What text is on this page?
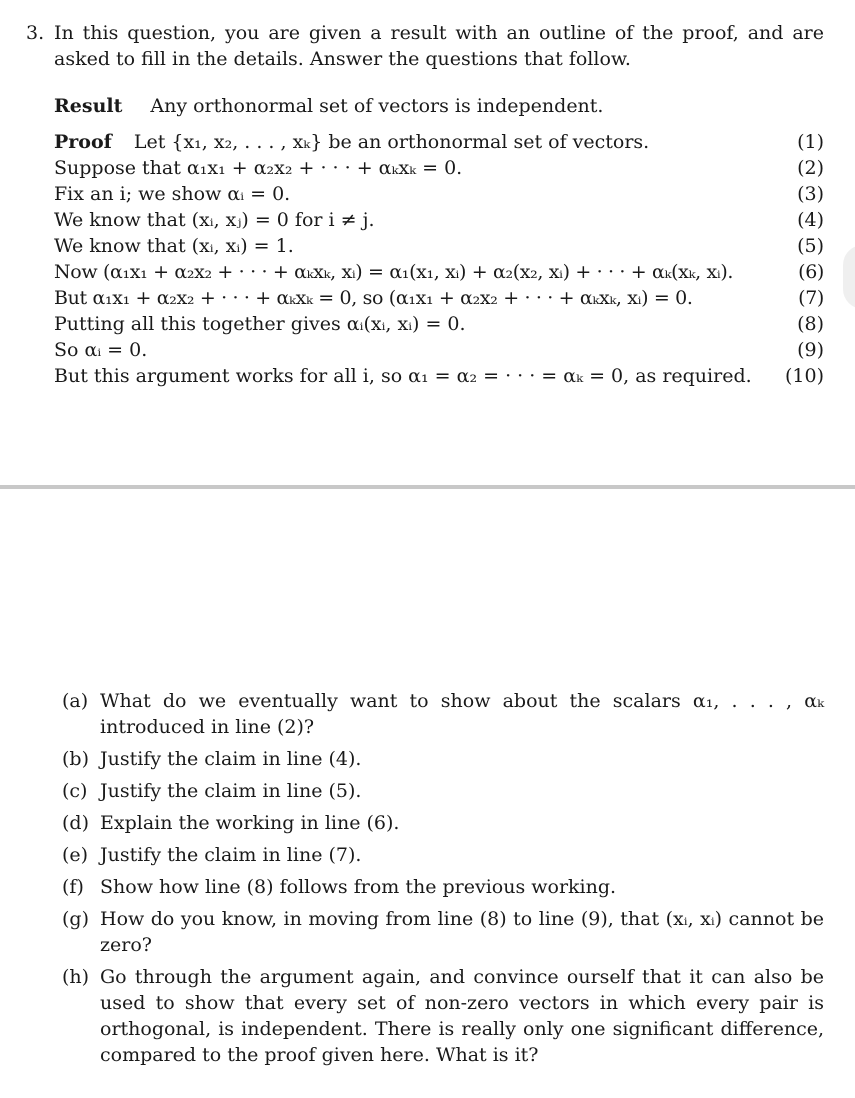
3. In this question, you are given a result with an outline of the proof, and are asked to fill in the details. Answer the questions that follow.
Result Any orthonormal set of vectors is independent.
Proof Let {x₁, x₂, . . . , xₖ} be an orthonormal set of vectors.	(1)
Suppose that α₁x₁ + α₂x₂ + · · · + αₖxₖ = 0.	(2)
Fix an i; we show αᵢ = 0.	(3)
We know that (xᵢ, xⱼ) = 0 for i ≠ j.	(4)
We know that (xᵢ, xᵢ) = 1.	(5)
Now (α₁x₁ + α₂x₂ + · · · + αₖxₖ, xᵢ) = α₁(x₁, xᵢ) + α₂(x₂, xᵢ) + · · · + αₖ(xₖ, xᵢ).	(6)
But α₁x₁ + α₂x₂ + · · · + αₖxₖ = 0, so (α₁x₁ + α₂x₂ + · · · + αₖxₖ, xᵢ) = 0.	(7)
Putting all this together gives αᵢ(xᵢ, xᵢ) = 0.	(8)
So αᵢ = 0.	(9)
But this argument works for all i, so α₁ = α₂ = · · · = αₖ = 0, as required. (10)
(a) What do we eventually want to show about the scalars α₁, . . . , αₖ introduced in line (2)?
(b) Justify the claim in line (4).
(c) Justify the claim in line (5).
(d) Explain the working in line (6).
(e) Justify the claim in line (7).
(f) Show how line (8) follows from the previous working.
(g) How do you know, in moving from line (8) to line (9), that (xᵢ, xᵢ) cannot be zero?
(h) Go through the argument again, and convince ourself that it can also be used to show that every set of non-zero vectors in which every pair is orthogonal, is independent. There is really only one significant difference, compared to the proof given here. What is it?
